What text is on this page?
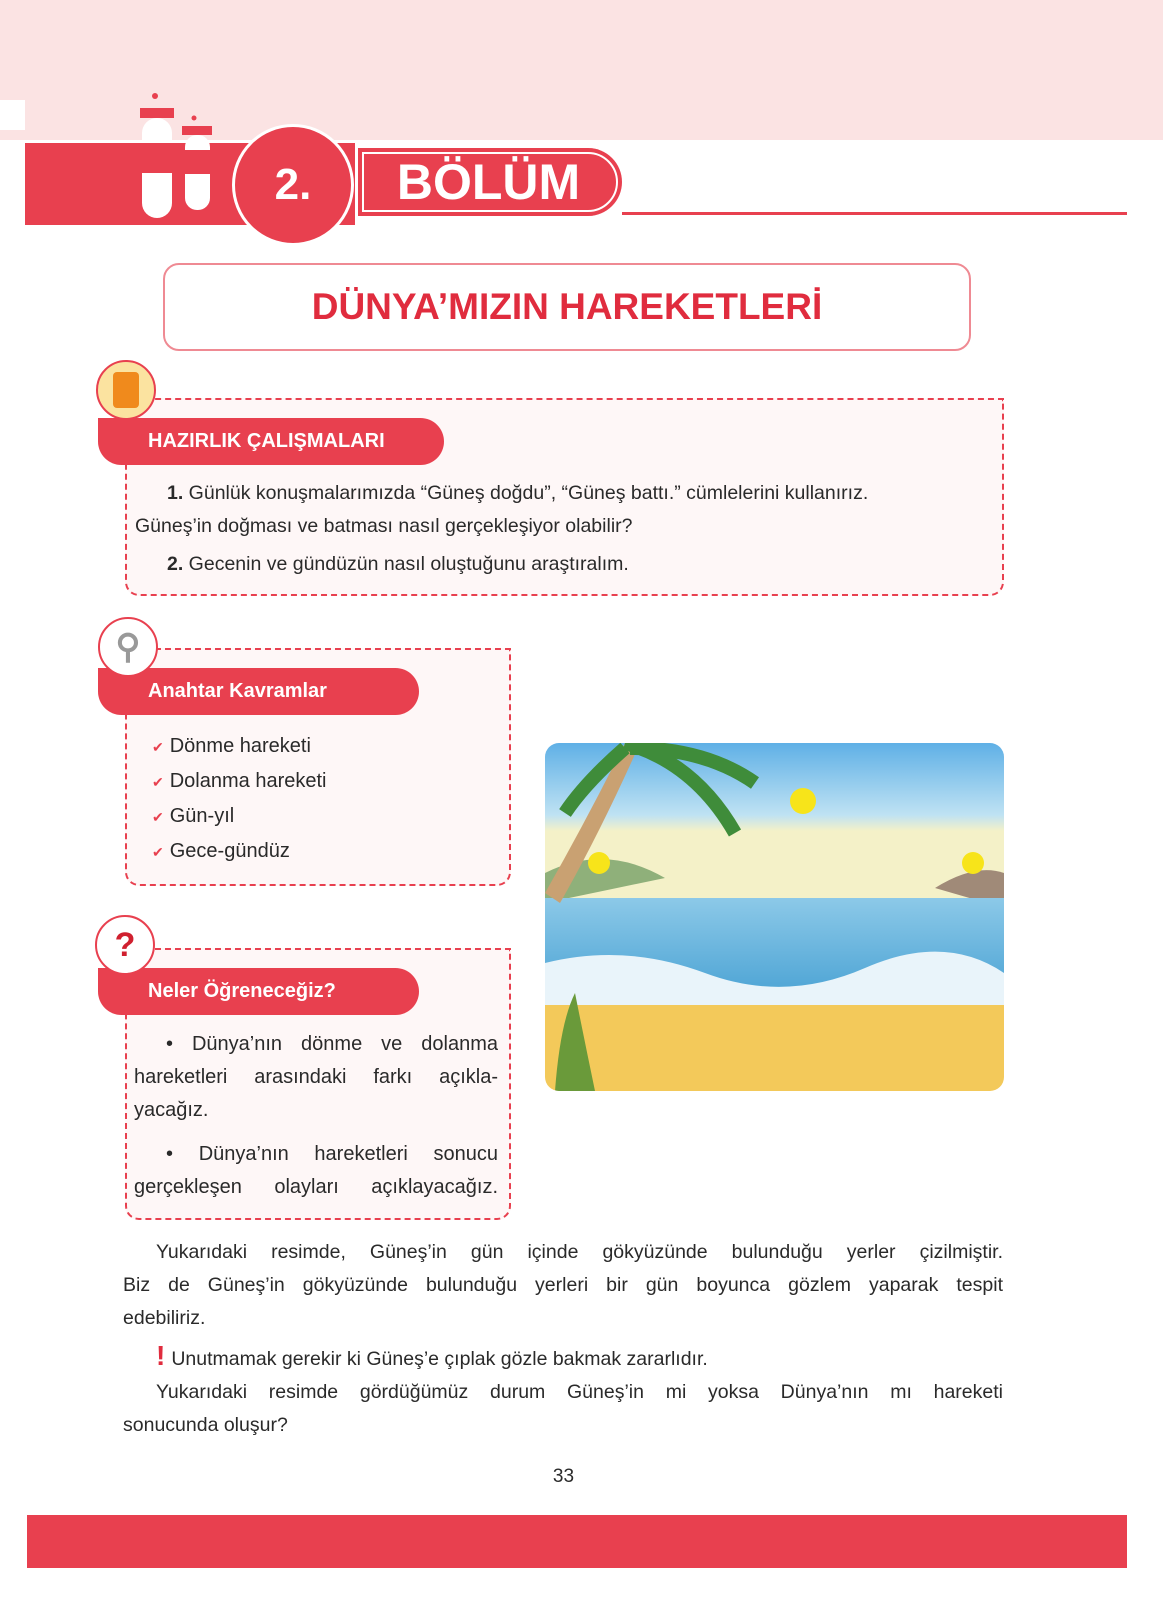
2.	BÖLÜM
DÜNYA’MIZIN HAREKETLERİ
HAZIRLIK ÇALIŞMALARI
1. Günlük konuşmalarımızda “Güneş doğdu”, “Güneş battı.” cümlelerini kullanırız.
Güneş’in doğması ve batması nasıl gerçekleşiyor olabilir?
2. Gecenin ve gündüzün nasıl oluştuğunu araştıralım.
Anahtar Kavramlar
⚲
✔ Dönme hareketi
✔ Dolanma hareketi
✔ Gün-yıl
✔ Gece-gündüz
Neler Öğreneceğiz?
?
• Dünya’nın dönme ve dolanma
hareketleri arasındaki farkı açıkla-
yacağız.
• Dünya’nın hareketleri sonucu
gerçekleşen olayları açıklayacağız.
Yukarıdaki resimde, Güneş’in gün içinde gökyüzünde bulunduğu yerler çizilmiştir.
Biz de Güneş’in gökyüzünde bulunduğu yerleri bir gün boyunca gözlem yaparak tespit
edebiliriz.
! Unutmamak gerekir ki Güneş’e çıplak gözle bakmak zararlıdır.
Yukarıdaki resimde gördüğümüz durum Güneş’in mi yoksa Dünya’nın mı hareketi
sonucunda oluşur?
33
